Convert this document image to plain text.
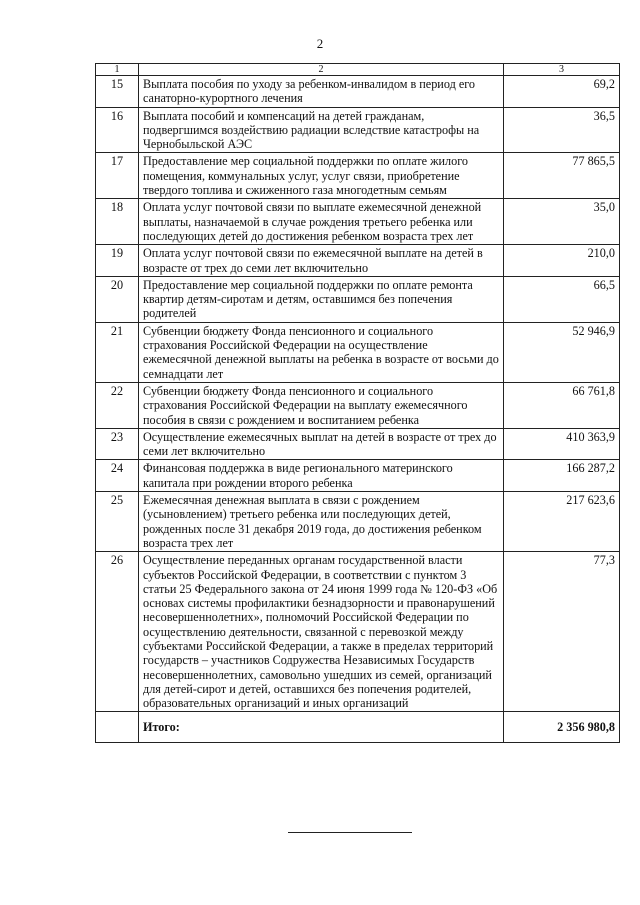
2
1	2	3
15	Выплата пособия по уходу за ребенком-инвалидом в период его санаторно-курортного лечения	69,2
16	Выплата пособий и компенсаций на детей гражданам, подвергшимся воздействию радиации вследствие катастрофы на Чернобыльской АЭС	36,5
17	Предоставление мер социальной поддержки по оплате жилого помещения, коммунальных услуг, услуг связи, приобретение твердого топлива и сжиженного газа многодетным семьям	77 865,5
18	Оплата услуг почтовой связи по выплате ежемесячной денежной выплаты, назначаемой в случае рождения третьего ребенка или последующих детей до достижения ребенком возраста трех лет	35,0
19	Оплата услуг почтовой связи по ежемесячной выплате на детей в возрасте от трех до семи лет включительно	210,0
20	Предоставление мер социальной поддержки по оплате ремонта квартир детям-сиротам и детям, оставшимся без попечения родителей	66,5
21	Субвенции бюджету Фонда пенсионного и социального страхования Российской Федерации на осуществление ежемесячной денежной выплаты на ребенка в возрасте от восьми до семнадцати лет	52 946,9
22	Субвенции бюджету Фонда пенсионного и социального страхования Российской Федерации на выплату ежемесячного пособия в связи с рождением и воспитанием ребенка	66 761,8
23	Осуществление ежемесячных выплат на детей в возрасте от трех до семи лет включительно	410 363,9
24	Финансовая поддержка в виде регионального материнского капитала при рождении второго ребенка	166 287,2
25	Ежемесячная денежная выплата в связи с рождением (усыновлением) третьего ребенка или последующих детей, рожденных после 31 декабря 2019 года, до достижения ребенком возраста трех лет	217 623,6
26	Осуществление переданных органам государственной власти субъектов Российской Федерации, в соответствии с пунктом 3 статьи 25 Федерального закона от 24 июня 1999 года № 120-ФЗ «Об основах системы профилактики безнадзорности и правонарушений несовершеннолетних», полномочий Российской Федерации по осуществлению деятельности, связанной с перевозкой между субъектами Российской Федерации, а также в пределах территорий государств – участников Содружества Независимых Государств несовершеннолетних, самовольно ушедших из семей, организаций для детей-сирот и детей, оставшихся без попечения родителей, образовательных организаций и иных организаций	77,3
	Итого:	2 356 980,8
